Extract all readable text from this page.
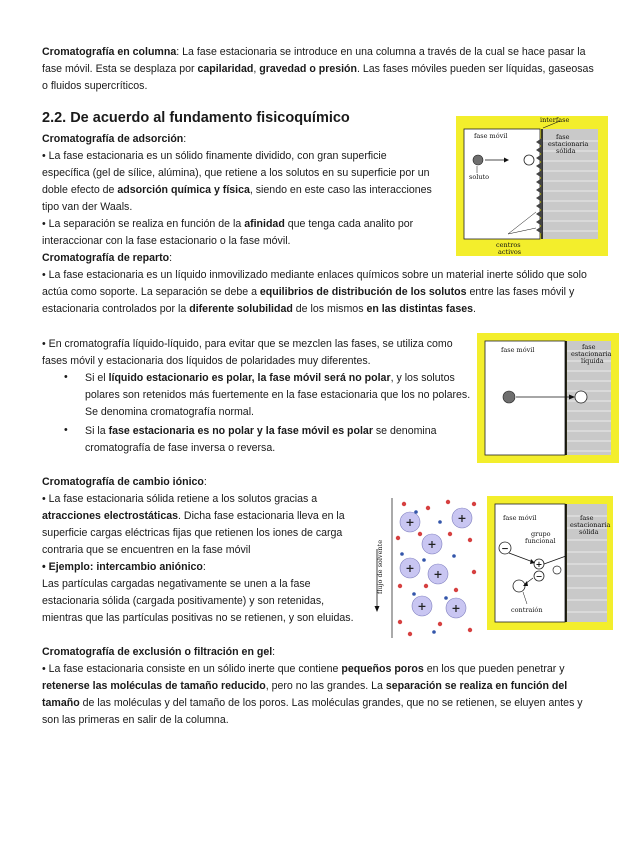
Cromatografía en columna: La fase estacionaria se introduce en una columna a través de la cual se hace pasar la fase móvil. Esta se desplaza por capilaridad, gravedad o presión. Las fases móviles pueden ser líquidas, gaseosas o fluidos supercríticos.

2.2. De acuerdo al fundamento fisicoquímico

Cromatografía de adsorción:
• La fase estacionaria es un sólido finamente dividido, con gran superficie específica (gel de sílice, alúmina), que retiene a los solutos en su superficie por un doble efecto de adsorción química y física, siendo en este caso las interacciones tipo van der Waals.
• La separación se realiza en función de la afinidad que tenga cada analito por interaccionar con la fase estacionario o la fase móvil.

Cromatografía de reparto:
• La fase estacionaria es un líquido inmovilizado mediante enlaces químicos sobre un material inerte sólido que solo actúa como soporte. La separación se debe a equilibrios de distribución de los solutos entre las fases móvil y estacionaria controlados por la diferente solubilidad de los mismos en las distintas fases.

• En cromatografía líquido-líquido, para evitar que se mezclen las fases, se utiliza como fases móvil y estacionaria dos líquidos de polaridades muy diferentes.

• Si el líquido estacionario es polar, la fase móvil será no polar, y los solutos polares son retenidos más fuertemente en la fase estacionaria que los no polares. Se denomina cromatografía normal.

• Si la fase estacionaria es no polar y la fase móvil es polar se denomina cromatografía de fase inversa o reversa.

Cromatografía de cambio iónico:
• La fase estacionaria sólida retiene a los solutos gracias a atracciones electrostáticas. Dicha fase estacionaria lleva en la superficie cargas eléctricas fijas que retienen los iones de carga contraria que se encuentren en la fase móvil
• Ejemplo: intercambio aniónico:
Las partículas cargadas negativamente se unen a la fase estacionaria sólida (cargada positivamente) y son retenidas, mientras que las partículas positivas no se retienen, y son eluidas.

Cromatografía de exclusión o filtración en gel:
• La fase estacionaria consiste en un sólido inerte que contiene pequeños poros en los que pueden penetrar y retenerse las moléculas de tamaño reducido, pero no las grandes. La separación se realiza en función del tamaño de las moléculas y del tamaño de los poros. Las moléculas grandes, que no se retienen, se eluyen antes y son las primeras en salir de la columna.

interfase
fase móvil	fase
estacionaria
sólida
soluto
centros
activos
fase móvil	fase
estacionaria
líquida
flujo de solvente
+
+
+
+ +
+ +
fase móvil	fase
estacionaria
sólida
grupo
funcional
−
+
−
contraión
